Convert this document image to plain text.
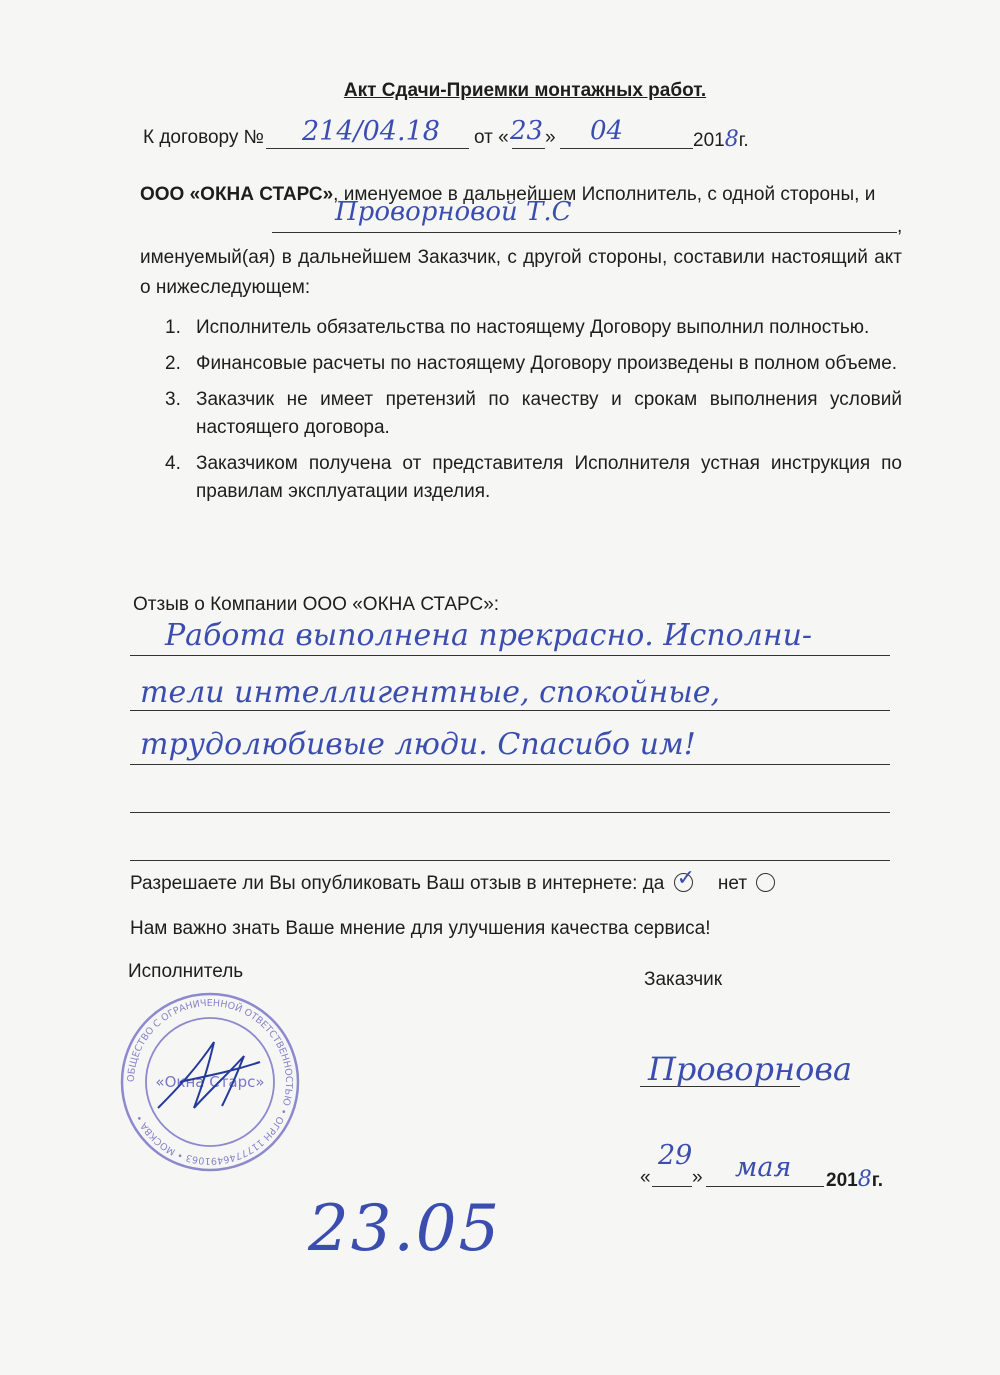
Акт Сдачи-Приемки монтажных работ.
К договору № 214/04.18 от « 23 » 04	2018г.
ООО «ОКНА СТАРС», именуемое в дальнейшем Исполнитель, с одной стороны, и
Проворновой Т.С	,
именуемый(ая) в дальнейшем Заказчик, с другой стороны, составили настоящий акт о нижеследующем:
1. Исполнитель обязательства по настоящему Договору выполнил полностью.
2. Финансовые расчеты по настоящему Договору произведены в полном объеме.
3. Заказчик не имеет претензий по качеству и срокам выполнения условий настоящего договора.
4. Заказчиком получена от представителя Исполнителя устная инструкция по правилам эксплуатации изделия.
Отзыв о Компании ООО «ОКНА СТАРС»:
Работа выполнена прекрасно. Исполни-
тели интеллигентные, спокойные,
трудолюбивые люди. Спасибо им!
Разрешаете ли Вы опубликовать Ваш отзыв в интернете: да ✓ нет
Нам важно знать Ваше мнение для улучшения качества сервиса!
Исполнитель	Заказчик
ОБЩЕСТВО С ОГРАНИЧЕННОЙ ОТВЕТСТВЕННОСТЬЮ • ОГРН 1177746491063 • МОСКВА •
«Окна Старс»	Проворнова
«
29
» мая 2018г.
23.05
